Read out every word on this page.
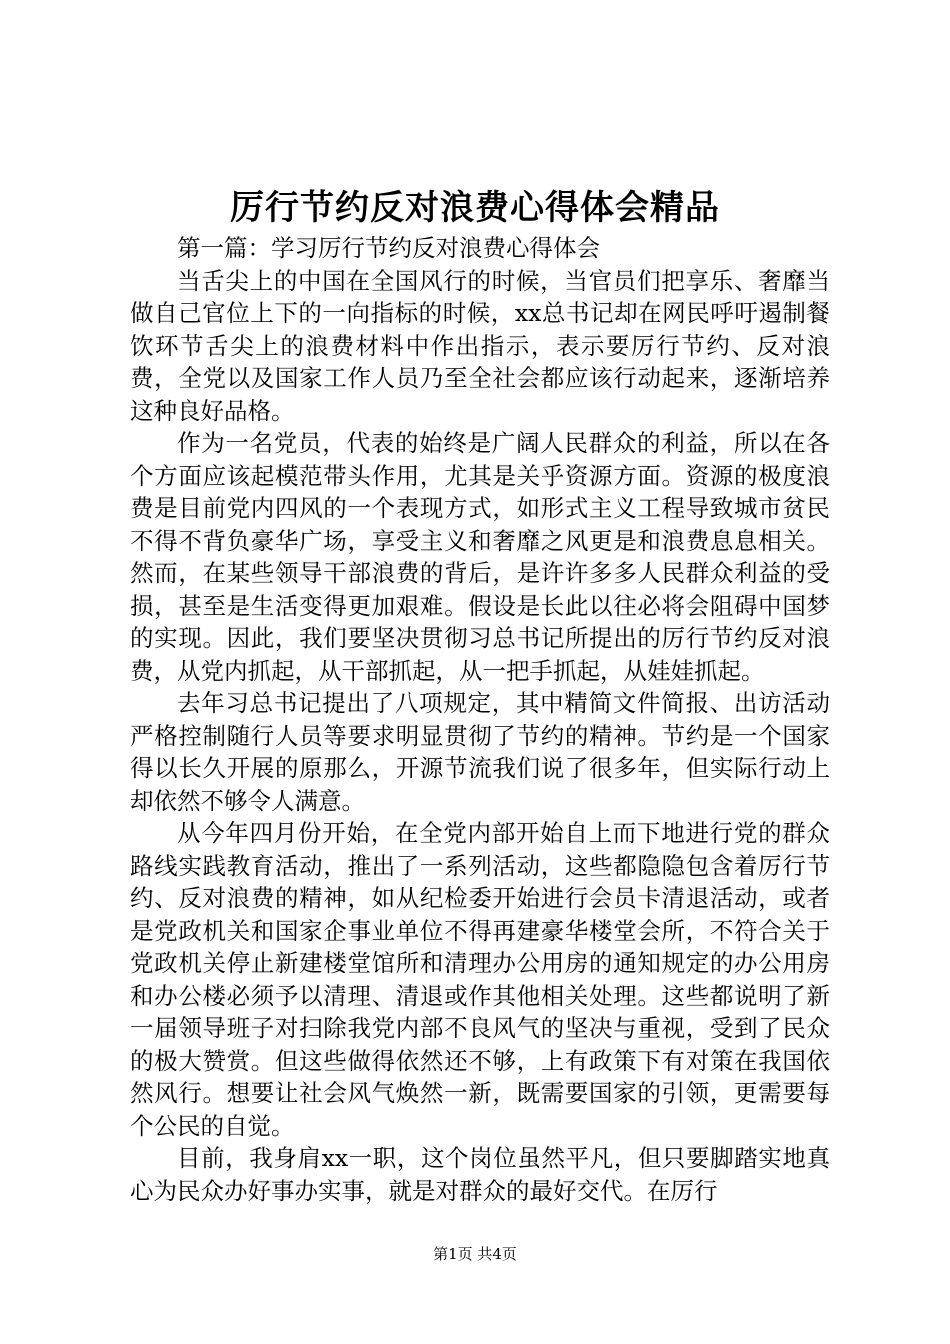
厉行节约反对浪费心得体会精品

第一篇：学习厉行节约反对浪费心得体会

当舌尖上的中国在全国风行的时候，当官员们把享乐、奢靡当做自己官位上下的一向指标的时候，xx总书记却在网民呼吁遏制餐饮环节舌尖上的浪费材料中作出指示，表示要厉行节约、反对浪费，全党以及国家工作人员乃至全社会都应该行动起来，逐渐培养这种良好品格。

作为一名党员，代表的始终是广阔人民群众的利益，所以在各个方面应该起模范带头作用，尤其是关乎资源方面。资源的极度浪费是目前党内四风的一个表现方式，如形式主义工程导致城市贫民不得不背负豪华广场，享受主义和奢靡之风更是和浪费息息相关。然而，在某些领导干部浪费的背后，是许许多多人民群众利益的受损，甚至是生活变得更加艰难。假设是长此以往必将会阻碍中国梦的实现。因此，我们要坚决贯彻习总书记所提出的厉行节约反对浪费，从党内抓起，从干部抓起，从一把手抓起，从娃娃抓起。

去年习总书记提出了八项规定，其中精简文件简报、出访活动严格控制随行人员等要求明显贯彻了节约的精神。节约是一个国家得以长久开展的原那么，开源节流我们说了很多年，但实际行动上却依然不够令人满意。

从今年四月份开始，在全党内部开始自上而下地进行党的群众路线实践教育活动，推出了一系列活动，这些都隐隐包含着厉行节约、反对浪费的精神，如从纪检委开始进行会员卡清退活动，或者是党政机关和国家企事业单位不得再建豪华楼堂会所，不符合关于党政机关停止新建楼堂馆所和清理办公用房的通知规定的办公用房和办公楼必须予以清理、清退或作其他相关处理。这些都说明了新一届领导班子对扫除我党内部不良风气的坚决与重视，受到了民众的极大赞赏。但这些做得依然还不够，上有政策下有对策在我国依然风行。想要让社会风气焕然一新，既需要国家的引领，更需要每个公民的自觉。

目前，我身肩xx一职，这个岗位虽然平凡，但只要脚踏实地真心为民众办好事办实事，就是对群众的最好交代。在厉行

第1页 共4页
